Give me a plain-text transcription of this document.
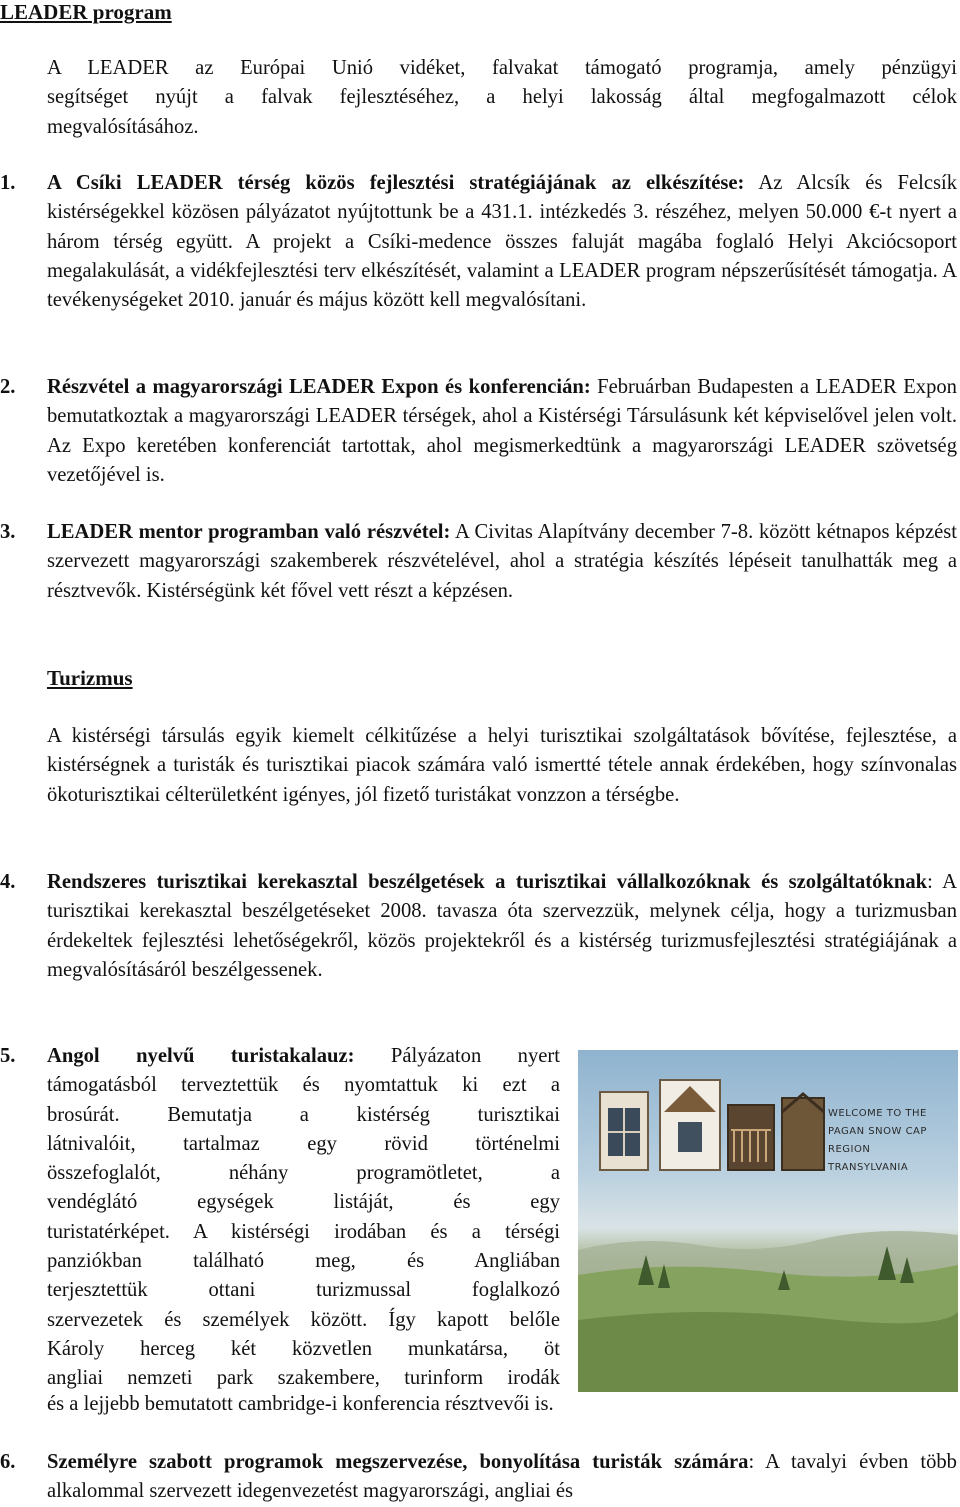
LEADER program

A LEADER az Európai Unió vidéket, falvakat támogató programja, amely pénzügyi
segítséget nyújt a falvak fejlesztéséhez, a helyi lakosság által megfogalmazott célok
megvalósításához.

1. A Csíki LEADER térség közös fejlesztési stratégiájának az elkészítése: Az Alcsík és Felcsík kistérségekkel közösen pályázatot nyújtottunk be a 431.1. intézkedés 3. részéhez, melyen 50.000 €-t nyert a három térség együtt. A projekt a Csíki-medence összes faluját magába foglaló Helyi Akciócsoport megalakulását, a vidékfejlesztési terv elkészítését, valamint a LEADER program népszerűsítését támogatja. A tevékenységeket 2010. január és május között kell megvalósítani.
2. Részvétel a magyarországi LEADER Expon és konferencián: Februárban Budapesten a LEADER Expon bemutatkoztak a magyarországi LEADER térségek, ahol a Kistérségi Társulásunk két képviselővel jelen volt. Az Expo keretében konferenciát tartottak, ahol megismerkedtünk a magyarországi LEADER szövetség vezetőjével is.
3. LEADER mentor programban való részvétel: A Civitas Alapítvány december 7-8. között kétnapos képzést szervezett magyarországi szakemberek részvételével, ahol a stratégia készítés lépéseit tanulhatták meg a résztvevők. Kistérségünk két fővel vett részt a képzésen.
Turizmus

A kistérségi társulás egyik kiemelt célkitűzése a helyi turisztikai szolgáltatások bővítése, fejlesztése, a kistérségnek a turisták és turisztikai piacok számára való ismertté tétele annak érdekében, hogy színvonalas ökoturisztikai célterületként igényes, jól fizető turistákat vonzzon a térségbe.

4. Rendszeres turisztikai kerekasztal beszélgetések a turisztikai vállalkozóknak és szolgáltatóknak: A turisztikai kerekasztal beszélgetéseket 2008. tavasza óta szervezzük, melynek célja, hogy a turizmusban érdekeltek fejlesztési lehetőségekről, közös projektekről és a kistérség turizmusfejlesztési stratégiájának a megvalósításáról beszélgessenek.
5. Angol nyelvű turistakalauz: Pályázaton nyert
támogatásból terveztettük és nyomtattuk ki ezt a
brosúrát. Bemutatja a kistérség turisztikai
látnivalóit, tartalmaz egy rövid történelmi
összefoglalót, néhány programötletet, a
vendéglátó egységek listáját, és egy
turistatérképet. A kistérségi irodában és a térségi
panziókban található meg, és Angliában
terjesztettük ottani turizmussal foglalkozó
szervezetek és személyek között. Így kapott belőle
Károly herceg két közvetlen munkatársa, öt
angliai nemzeti park szakembere, turinform irodák
és a lejjebb bemutatott cambridge-i konferencia résztvevői is.
6. Személyre szabott programok megszervezése, bonyolítása turisták számára: A tavalyi évben több alkalommal szervezett idegenvezetést magyarországi, angliai és
WELCOME TO THE
PAGAN SNOW CAP REGION
TRANSYLVANIA
